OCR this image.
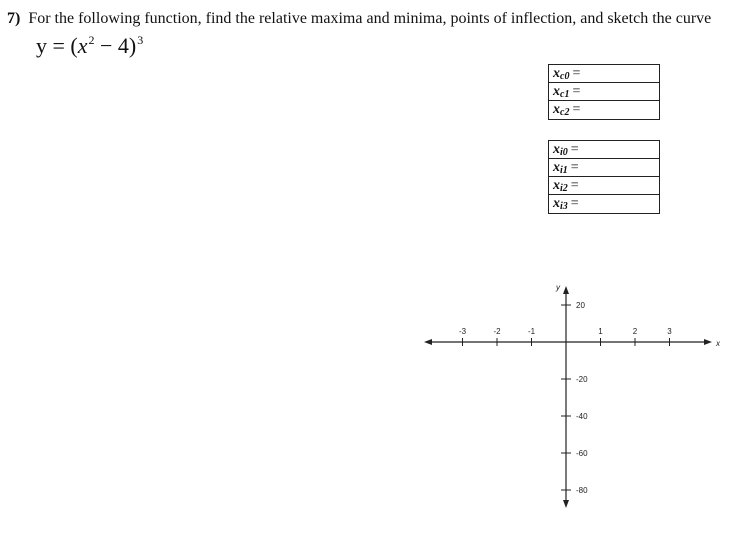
7) For the following function, find the relative maxima and minima, points of inflection, and sketch the curve
$y = (x^2 - 4)^3$
$x_{c0}$ =
$x_{c1}$ =
$x_{c2}$ =
$x_{i0}$ =
$x_{i1}$ =
$x_{i2}$ =
$x_{i3}$ =
x
y
-3	-2	-1	1	2	3
20
-20
-40
-60
-80
